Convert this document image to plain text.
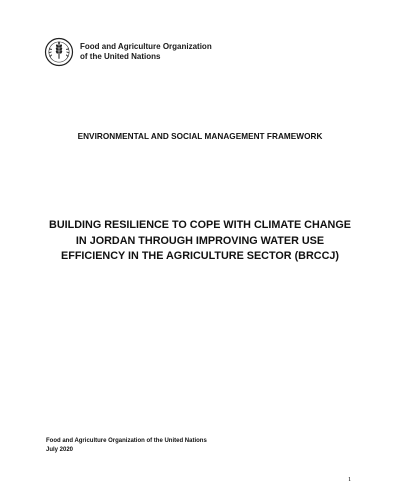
Food and Agriculture Organization
of the United Nations
ENVIRONMENTAL AND SOCIAL MANAGEMENT FRAMEWORK
BUILDING RESILIENCE TO COPE WITH CLIMATE CHANGE
IN JORDAN THROUGH IMPROVING WATER USE
EFFICIENCY IN THE AGRICULTURE SECTOR (BRCCJ)
Food and Agriculture Organization of the United Nations
July 2020
1
